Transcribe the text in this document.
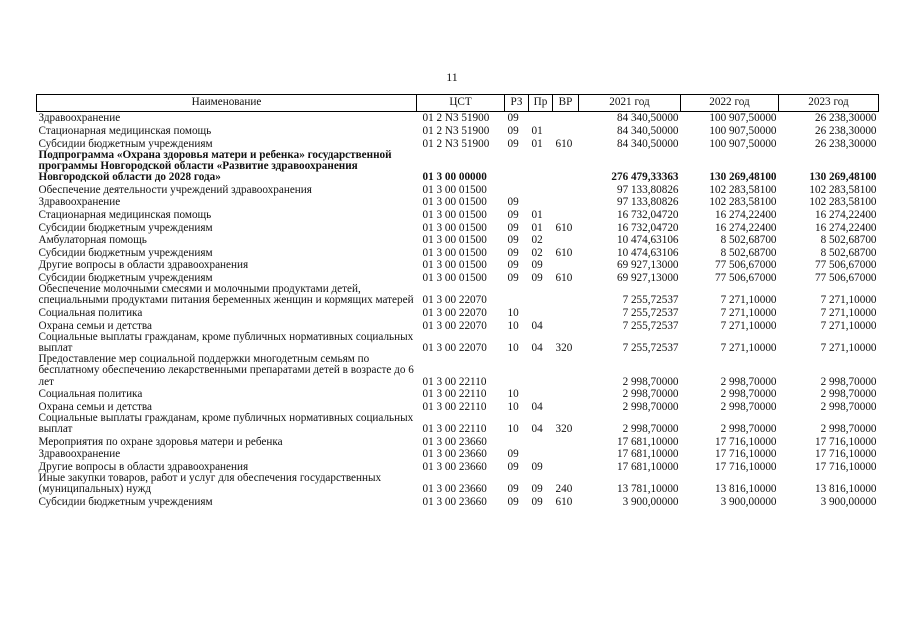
11
Наименование	ЦСТ	РЗ	Пр	ВР	2021 год	2022 год	2023 год
Здравоохранение	01 2 N3 51900	09			84 340,50000	100 907,50000	26 238,30000
Стационарная медицинская помощь	01 2 N3 51900	09	01		84 340,50000	100 907,50000	26 238,30000
Субсидии бюджетным учреждениям	01 2 N3 51900	09	01	610	84 340,50000	100 907,50000	26 238,30000
Подпрограмма «Охрана здоровья матери и ребенка» государственной программы Новгородской области «Развитие здравоохранения Новгородской области до 2028 года»	01 3 00 00000				276 479,33363	130 269,48100	130 269,48100
Обеспечение деятельности учреждений здравоохранения	01 3 00 01500				97 133,80826	102 283,58100	102 283,58100
Здравоохранение	01 3 00 01500	09			97 133,80826	102 283,58100	102 283,58100
Стационарная медицинская помощь	01 3 00 01500	09	01		16 732,04720	16 274,22400	16 274,22400
Субсидии бюджетным учреждениям	01 3 00 01500	09	01	610	16 732,04720	16 274,22400	16 274,22400
Амбулаторная помощь	01 3 00 01500	09	02		10 474,63106	8 502,68700	8 502,68700
Субсидии бюджетным учреждениям	01 3 00 01500	09	02	610	10 474,63106	8 502,68700	8 502,68700
Другие вопросы в области здравоохранения	01 3 00 01500	09	09		69 927,13000	77 506,67000	77 506,67000
Субсидии бюджетным учреждениям	01 3 00 01500	09	09	610	69 927,13000	77 506,67000	77 506,67000
Обеспечение молочными смесями и молочными продуктами детей, специальными продуктами питания беременных женщин и кормящих матерей	01 3 00 22070				7 255,72537	7 271,10000	7 271,10000
Социальная политика	01 3 00 22070	10			7 255,72537	7 271,10000	7 271,10000
Охрана семьи и детства	01 3 00 22070	10	04		7 255,72537	7 271,10000	7 271,10000
Социальные выплаты гражданам, кроме публичных нормативных социальных выплат	01 3 00 22070	10	04	320	7 255,72537	7 271,10000	7 271,10000
Предоставление мер социальной поддержки многодетным семьям по бесплатному обеспечению лекарственными препаратами детей в возрасте до 6 лет	01 3 00 22110				2 998,70000	2 998,70000	2 998,70000
Социальная политика	01 3 00 22110	10			2 998,70000	2 998,70000	2 998,70000
Охрана семьи и детства	01 3 00 22110	10	04		2 998,70000	2 998,70000	2 998,70000
Социальные выплаты гражданам, кроме публичных нормативных социальных выплат	01 3 00 22110	10	04	320	2 998,70000	2 998,70000	2 998,70000
Мероприятия по охране здоровья матери и ребенка	01 3 00 23660				17 681,10000	17 716,10000	17 716,10000
Здравоохранение	01 3 00 23660	09			17 681,10000	17 716,10000	17 716,10000
Другие вопросы в области здравоохранения	01 3 00 23660	09	09		17 681,10000	17 716,10000	17 716,10000
Иные закупки товаров, работ и услуг для обеспечения государственных (муниципальных) нужд	01 3 00 23660	09	09	240	13 781,10000	13 816,10000	13 816,10000
Субсидии бюджетным учреждениям	01 3 00 23660	09	09	610	3 900,00000	3 900,00000	3 900,00000
